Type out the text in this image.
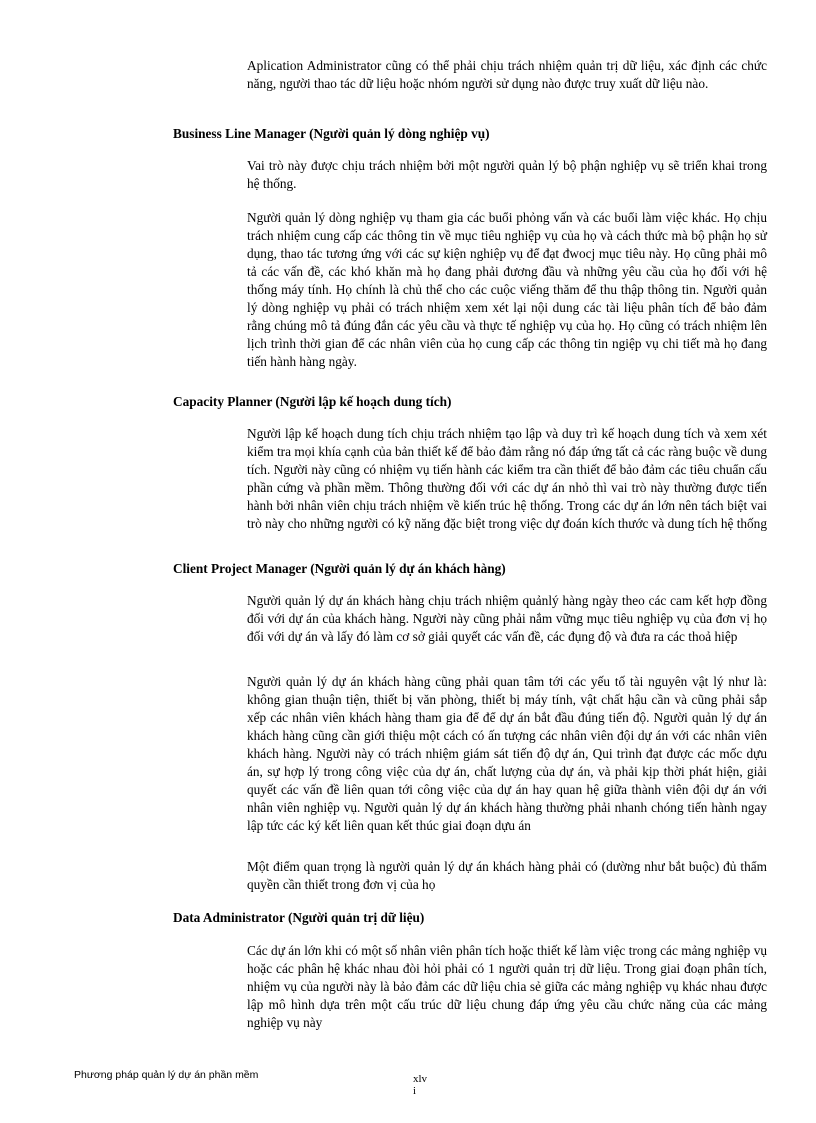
Aplication Administrator cũng có thể phải chịu trách nhiệm quản trị dữ liệu, xác định các chức năng, người thao tác dữ liệu hoặc nhóm người sử dụng nào được truy xuất dữ liệu nào.

Business Line Manager (Người quản lý dòng nghiệp vụ)

Vai trò này được chịu trách nhiệm bởi một người quản lý bộ phận nghiệp vụ sẽ triển khai trong hệ thống.

Người quản lý dòng nghiệp vụ tham gia các buổi phỏng vấn và các buổi làm việc khác. Họ chịu trách nhiệm cung cấp các thông tin về mục tiêu nghiệp vụ của họ và cách thức mà bộ phận họ sử dụng, thao tác tương ứng với các sự kiện nghiệp vụ để đạt đwocj mục tiêu này. Họ cũng phải mô tả các vấn đề, các khó khăn mà họ đang phải đương đầu và những yêu cầu của họ đối với hệ thống máy tính. Họ chính là chủ thể cho các cuộc viếng thăm để thu thập thông tin. Người quản lý dòng nghiệp vụ phải có trách nhiệm xem xét lại nội dung các tài liệu phân tích để bảo đảm rằng chúng mô tả đúng đắn các yêu cầu và thực tế nghiệp vụ của họ. Họ cũng có trách nhiệm lên lịch trình thời gian để các nhân viên của họ cung cấp các thông tin ngiệp vụ chi tiết mà họ đang tiến hành hàng ngày.

Capacity Planner (Người lập kế hoạch dung tích)

Người lập kế hoạch dung tích chịu trách nhiệm tạo lập và duy trì kế hoạch dung tích và xem xét kiểm tra mọi khía cạnh của bản thiết kế để bảo đảm rằng nó đáp ứng tất cả các ràng buộc về dung tích. Người này cũng có nhiệm vụ tiến hành các kiểm tra cần thiết để bảo đảm các tiêu chuẩn cấu phần cứng và phần mềm. Thông thường đối với các dự án nhỏ thì vai trò này thường được tiến hành bởi nhân viên chịu trách nhiệm về kiến trúc hệ thống. Trong các dự án lớn nên tách biệt vai trò này cho những người có kỹ năng đặc biệt trong việc dự đoán kích thước và dung tích hệ thống

Client Project Manager (Người quản lý dự án khách hàng)

Người quản lý dự án khách hàng chịu trách nhiệm quảnlý hàng ngày theo các cam kết hợp đồng đối với dự án của khách hàng. Người này cũng phải nắm vững mục tiêu nghiệp vụ của đơn vị họ đối với dự án và lấy đó làm cơ sở giải quyết các vấn đề, các đụng độ và đưa ra các thoả hiệp

Người quản lý dự án khách hàng cũng phải quan tâm tới các yếu tố tài nguyên vật lý như là: không gian thuận tiện, thiết bị văn phòng, thiết bị máy tính, vật chất hậu cần và cũng phải sắp xếp các nhân viên khách hàng tham gia để để dự án bắt đầu đúng tiến độ. Người quản lý dự án khách hàng cũng cần giới thiệu một cách có ấn tượng các nhân viên đội dự án với các nhân viên khách hàng. Người này có trách nhiệm giám sát tiến độ dự án, Qui trình đạt được các mốc dựu án, sự hợp lý trong công việc của dự án, chất lượng của dự án, và phải kịp thời phát hiện, giải quyết các vấn đề liên quan tới công việc của dự án hay quan hệ giữa thành viên đội dự án với nhân viên nghiệp vụ. Người quản lý dự án khách hàng thường phải nhanh chóng tiến hành ngay lập tức các ký kết liên quan kết thúc giai đoạn dựu án

Một điểm quan trọng là người quản lý dự án khách hàng phải có (dường như bắt buộc) đủ thẩm quyền cần thiết trong đơn vị của họ

Data Administrator (Người quản trị dữ liệu)

Các dự án lớn khi có một số nhân viên phân tích hoặc thiết kế làm việc trong các mảng nghiệp vụ hoặc các phân hệ khác nhau đòi hỏi phải có 1 người quản trị dữ liệu. Trong giai đoạn phân tích, nhiệm vụ của người này là bảo đảm các dữ liệu chia sẻ giữa các mảng nghiệp vụ khác nhau được lập mô hình dựa trên một cấu trúc dữ liệu chung đáp ứng yêu cầu chức năng của các mảng nghiệp vụ này

Phương pháp quản lý dự án phần mềm	xlv
i
